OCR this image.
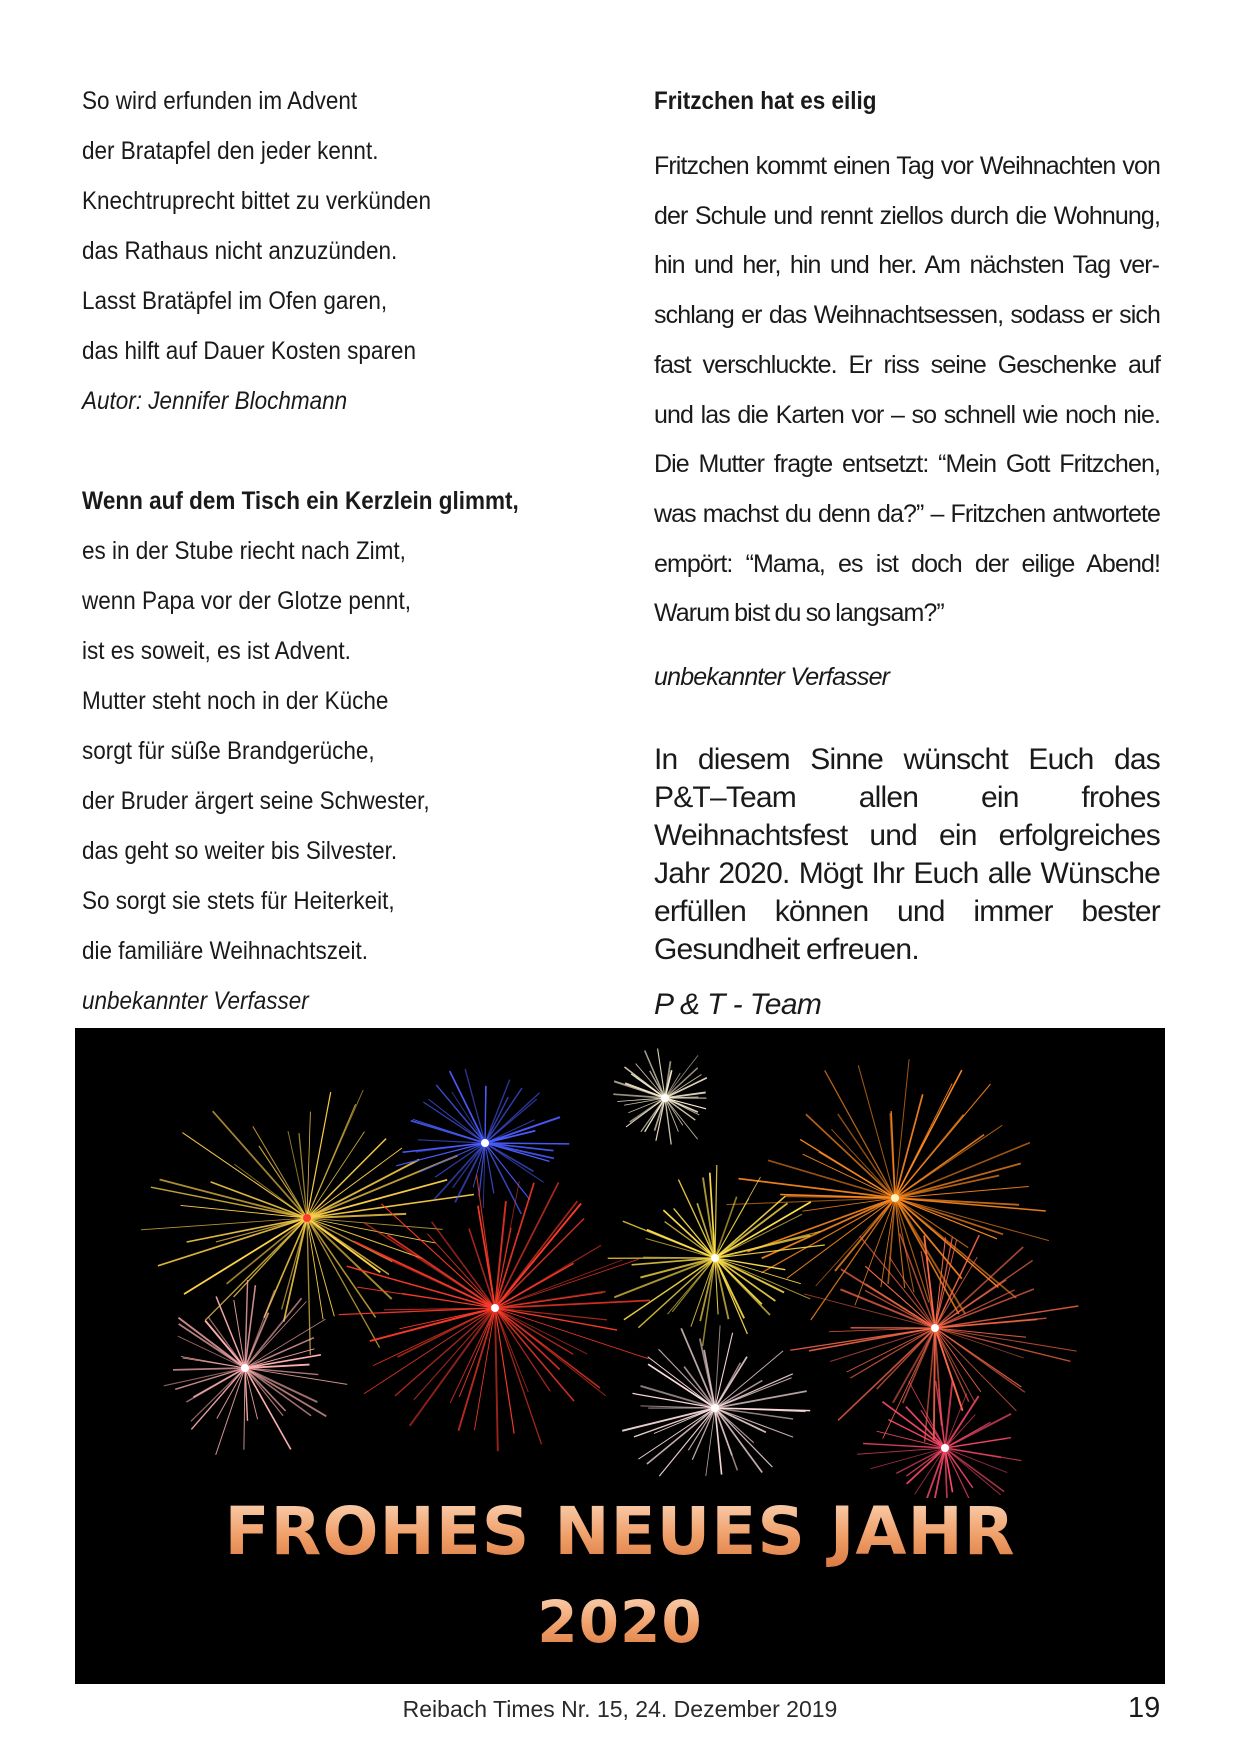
So wird erfunden im Advent
der Bratapfel den jeder kennt.
Knechtruprecht bittet zu verkünden
das Rathaus nicht anzuzünden.
Lasst Bratäpfel im Ofen garen,
das hilft auf Dauer Kosten sparen
Autor: Jennifer Blochmann
Wenn auf dem Tisch ein Kerzlein glimmt,
es in der Stube riecht nach Zimt,
wenn Papa vor der Glotze pennt,
ist es soweit, es ist Advent.
Mutter steht noch in der Küche
sorgt für süße Brandgerüche,
der Bruder ärgert seine Schwester,
das geht so weiter bis Silvester.
So sorgt sie stets für Heiterkeit,
die familiäre Weihnachtszeit.
unbekannter Verfasser
Fritzchen hat es eilig
Fritzchen kommt einen Tag vor Weihnachten von der Schule und rennt ziellos durch die Wohnung, hin und her, hin und her. Am nächsten Tag verschlang er das Weihnachtsessen, sodass er sich fast verschluckte. Er riss seine Geschenke auf und las die Karten vor – so schnell wie noch nie. Die Mutter fragte entsetzt: “Mein Gott Fritzchen, was machst du denn da?” – Fritzchen antwortete empört: “Mama, es ist doch der eilige Abend! Warum bist du so langsam?”
unbekannter Verfasser
In diesem Sinne wünscht Euch das P&T–Team allen ein frohes Weihnachtsfest und ein erfolgreiches Jahr 2020. Mögt Ihr Euch alle Wünsche erfüllen können und immer bester Gesundheit erfreuen.
P & T - Team
FROHES NEUES JAHR
2020
Reibach Times Nr. 15, 24. Dezember 2019	19
